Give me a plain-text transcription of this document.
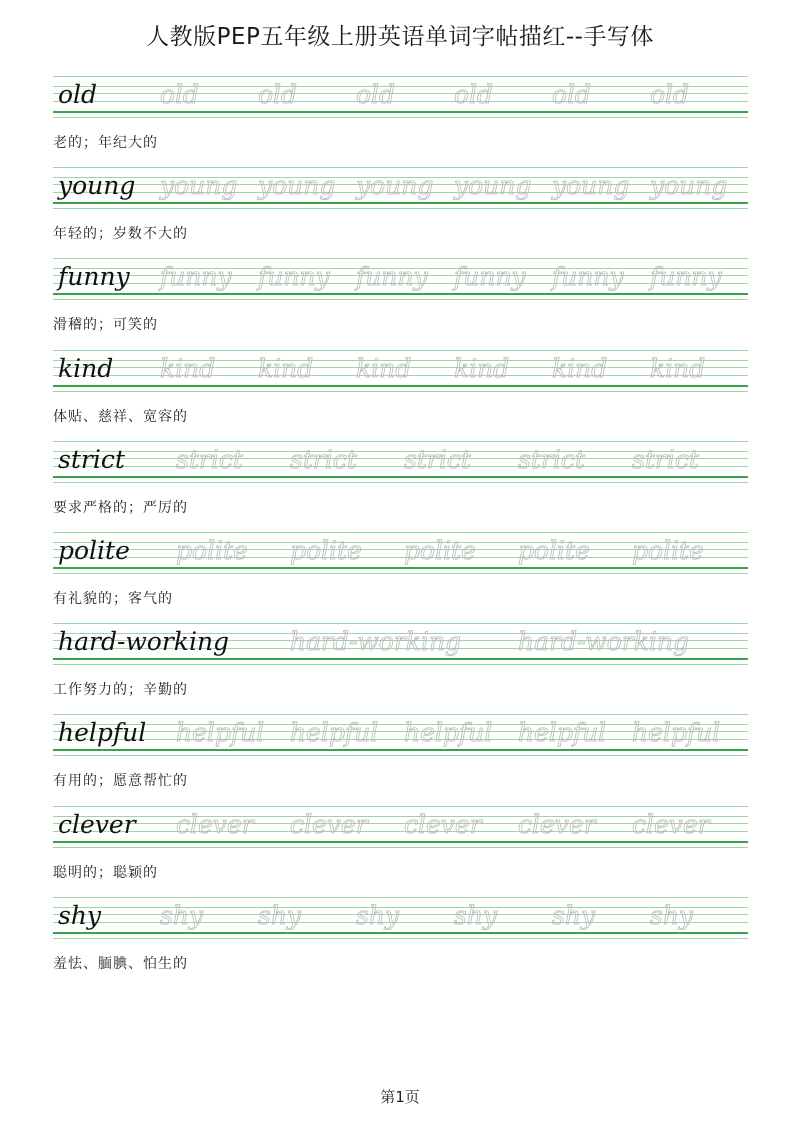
人教版PEP五年级上册英语单词字帖描红--手写体
old	old old old old old old
老的；年纪大的
young young young young young young young
年轻的；岁数不大的
funny funny funny funny funny funny funny
滑稽的；可笑的
kind kind kind kind kind kind kind
体贴、慈祥、宽容的
strict strict strict strict strict strict
要求严格的；严厉的
polite polite polite polite polite polite
有礼貌的；客气的
hard-working hard-working hard-working
工作努力的；辛勤的
helpful helpful helpful helpful helpful helpful
有用的；愿意帮忙的
clever clever clever clever clever clever
聪明的；聪颖的
shy shy shy shy shy shy shy
羞怯、腼腆、怕生的
第1页
